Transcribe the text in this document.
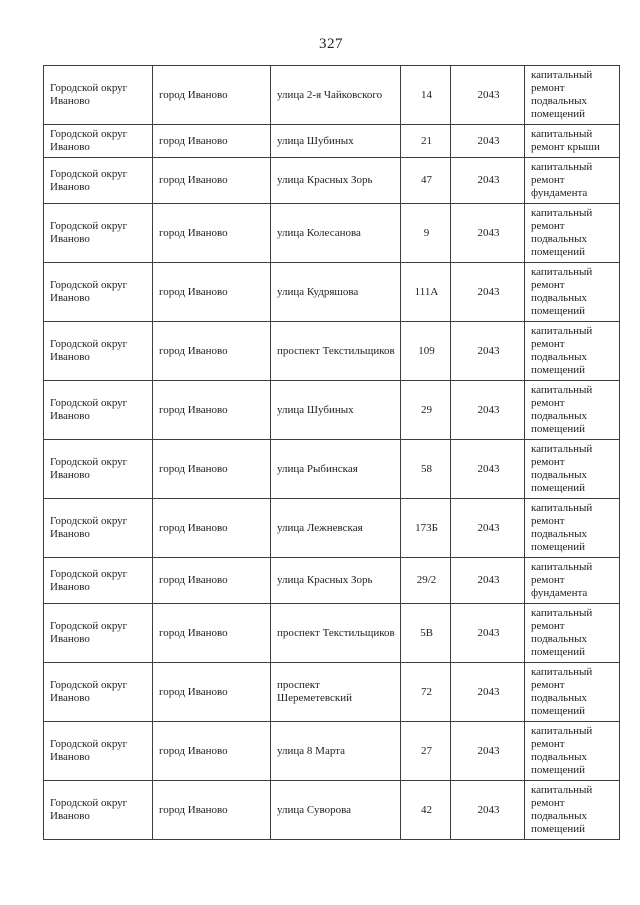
327
Городской округ Иваново	город Иваново	улица 2-я Чайковского	14	2043	капитальный ремонт подвальных помещений
Городской округ Иваново	город Иваново	улица Шубиных	21	2043	капитальный ремонт крыши
Городской округ Иваново	город Иваново	улица Красных Зорь	47	2043	капитальный ремонт фундамента
Городской округ Иваново	город Иваново	улица Колесанова	9	2043	капитальный ремонт подвальных помещений
Городской округ Иваново	город Иваново	улица Кудряшова	111А	2043	капитальный ремонт подвальных помещений
Городской округ Иваново	город Иваново	проспект Текстильщиков	109	2043	капитальный ремонт подвальных помещений
Городской округ Иваново	город Иваново	улица Шубиных	29	2043	капитальный ремонт подвальных помещений
Городской округ Иваново	город Иваново	улица Рыбинская	58	2043	капитальный ремонт подвальных помещений
Городской округ Иваново	город Иваново	улица Лежневская	173Б	2043	капитальный ремонт подвальных помещений
Городской округ Иваново	город Иваново	улица Красных Зорь	29/2	2043	капитальный ремонт фундамента
Городской округ Иваново	город Иваново	проспект Текстильщиков	5В	2043	капитальный ремонт подвальных помещений
Городской округ Иваново	город Иваново	проспект Шереметевский	72	2043	капитальный ремонт подвальных помещений
Городской округ Иваново	город Иваново	улица 8 Марта	27	2043	капитальный ремонт подвальных помещений
Городской округ Иваново	город Иваново	улица Суворова	42	2043	капитальный ремонт подвальных помещений
